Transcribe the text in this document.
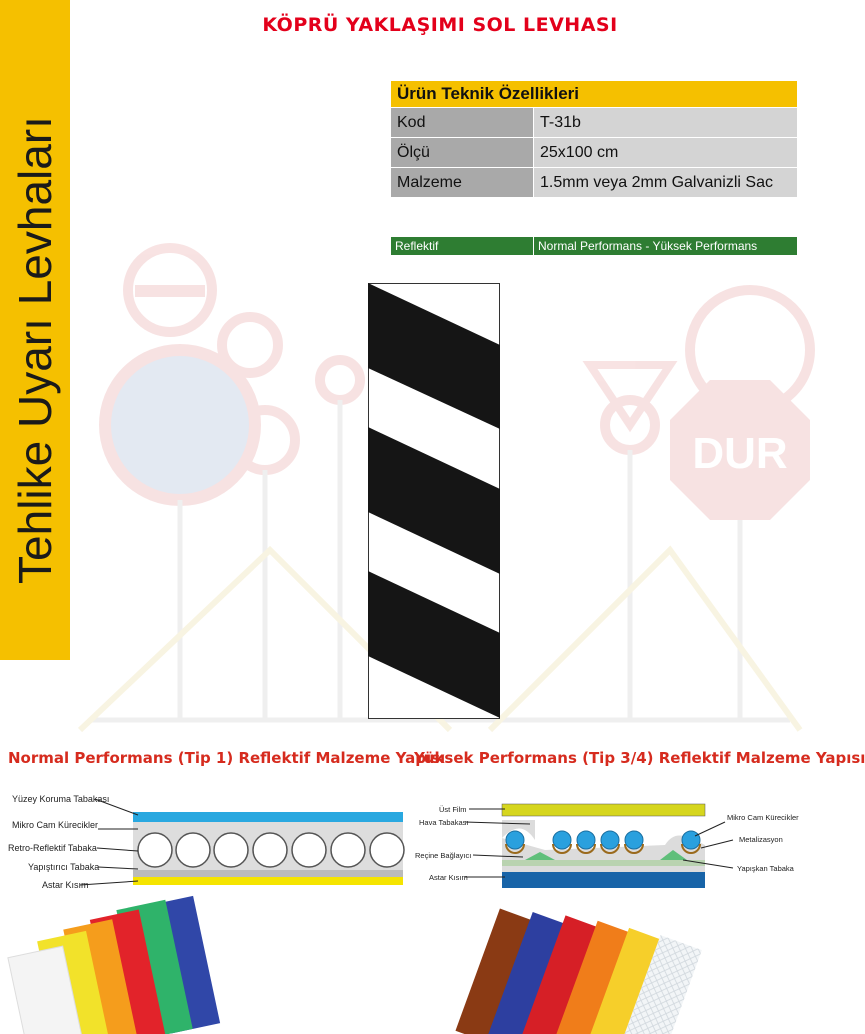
DUR
Tehlike Uyarı Levhaları
KÖPRÜ YAKLAŞIMI SOL LEVHASI
Ürün Teknik Özellikleri	
Kod	T-31b
Ölçü	25x100 cm
Malzeme	1.5mm veya 2mm Galvanizli Sac
Reflektif	Normal Performans - Yüksek Performans
Normal Performans (Tip 1) Reflektif Malzeme Yapısı
Yüksek Performans (Tip 3/4) Reflektif Malzeme Yapısı
Yüzey Koruma Tabakası
Mikro Cam Kürecikler
Retro-Reflektif Tabaka
Yapıştırıcı Tabaka
Astar Kısım
Üst Film
Hava Tabakası
Reçine Bağlayıcı
Astar Kısım
Mikro Cam Kürecikler
Metalizasyon
Yapışkan Tabaka
